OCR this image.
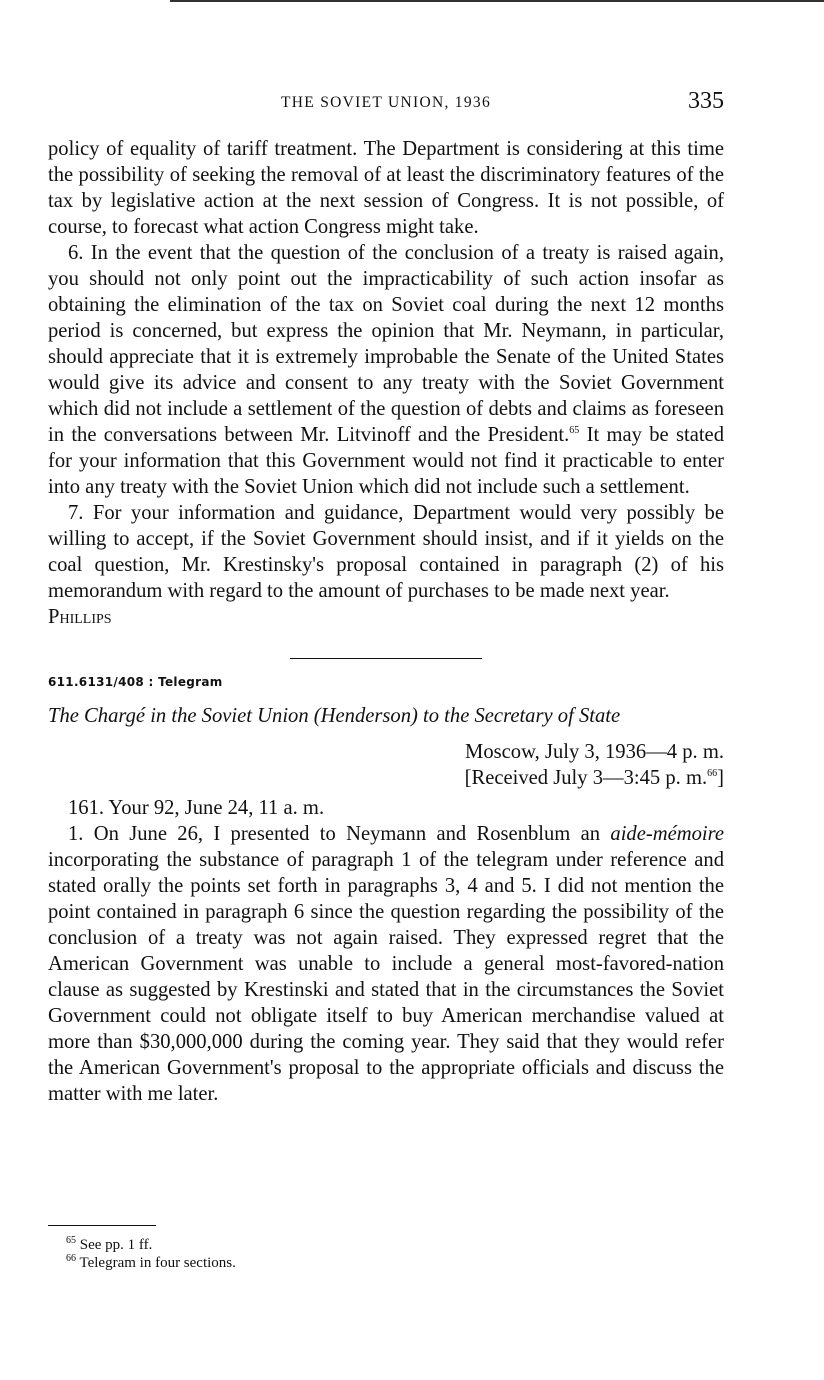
THE SOVIET UNION, 1936	335

policy of equality of tariff treatment. The Department is considering at this time the possibility of seeking the removal of at least the discriminatory features of the tax by legislative action at the next session of Congress. It is not possible, of course, to forecast what action Congress might take.

6. In the event that the question of the conclusion of a treaty is raised again, you should not only point out the impracticability of such action insofar as obtaining the elimination of the tax on Soviet coal during the next 12 months period is concerned, but express the opinion that Mr. Neymann, in particular, should appreciate that it is extremely improbable the Senate of the United States would give its advice and consent to any treaty with the Soviet Government which did not include a settlement of the question of debts and claims as foreseen in the conversations between Mr. Litvinoff and the President.$^{65}$ It may be stated for your information that this Government would not find it practicable to enter into any treaty with the Soviet Union which did not include such a settlement.

7. For your information and guidance, Department would very possibly be willing to accept, if the Soviet Government should insist, and if it yields on the coal question, Mr. Krestinsky's proposal contained in paragraph (2) of his memorandum with regard to the amount of purchases to be made next year.

Phillips

611.6131/408 : Telegram
The Chargé in the Soviet Union (Henderson) to the Secretary of State
Moscow, July 3, 1936—4 p. m.
[Received July 3—3:45 p. m.$^{66}$]

161. Your 92, June 24, 11 a. m.

1. On June 26, I presented to Neymann and Rosenblum an aide-mémoire incorporating the substance of paragraph 1 of the telegram under reference and stated orally the points set forth in paragraphs 3, 4 and 5. I did not mention the point contained in paragraph 6 since the question regarding the possibility of the conclusion of a treaty was not again raised. They expressed regret that the American Government was unable to include a general most-favored-nation clause as suggested by Krestinski and stated that in the circumstances the Soviet Government could not obligate itself to buy American merchandise valued at more than $30,000,000 during the coming year. They said that they would refer the American Government's proposal to the appropriate officials and discuss the matter with me later.

$^{65}$ See pp. 1 ff.
$^{66}$ Telegram in four sections.
